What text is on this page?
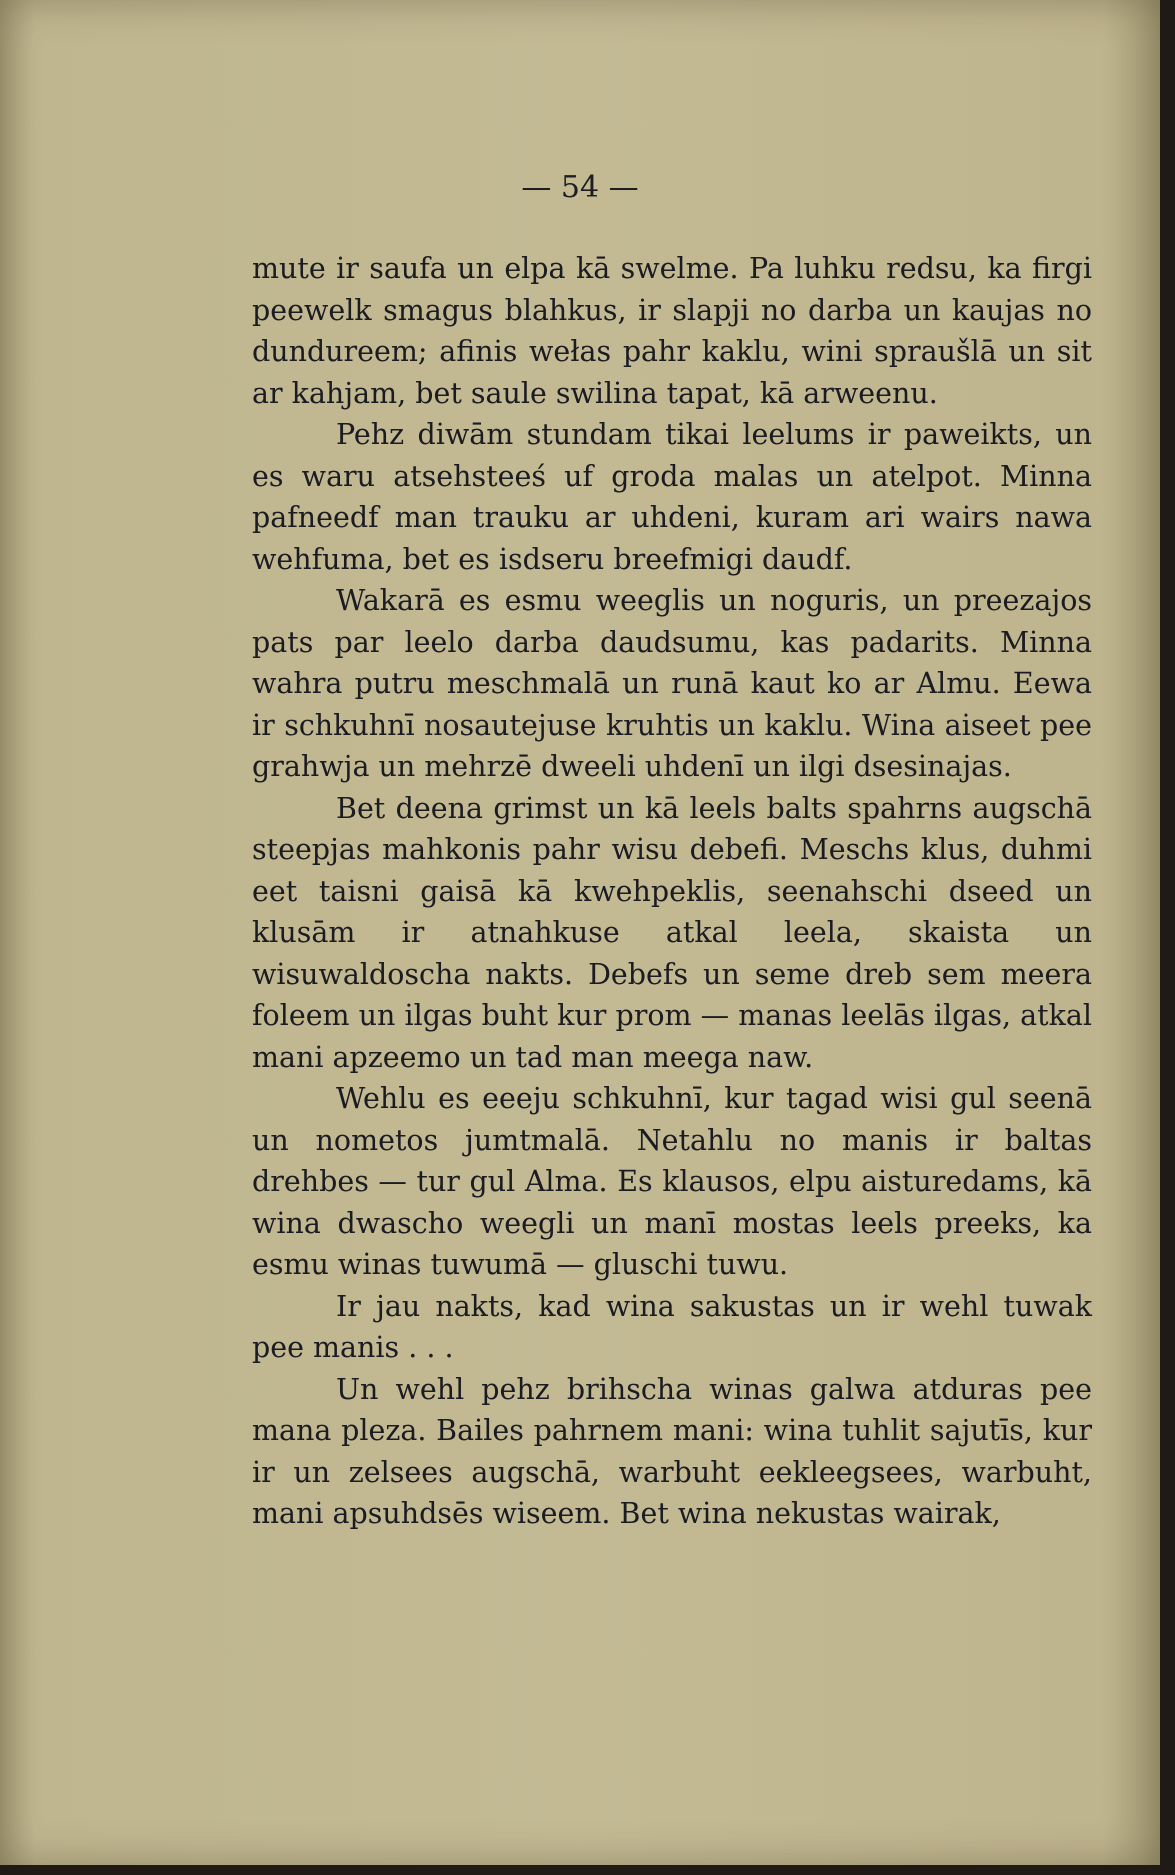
— 54 —

mute ir saufa un elpa kā swelme. Pa luhku redsu, ka firgi peewelk smagus blahkus, ir slapji no darba un kaujas no dundureem; afinis wełas pahr kaklu, wini spraušlā un sit ar kahjam, bet saule swilina tapat, kā arweenu.

Pehz diwām stundam tikai leelums ir paweikts, un es waru atsehsteeś uf groda malas un atelpot. Minna pafneedf man trauku ar uhdeni, kuram ari wairs nawa wehfuma, bet es isdseru breefmigi daudf.

Wakarā es esmu weeglis un noguris, un preezajos pats par leelo darba daudsumu, kas padarits. Minna wahra putru meschmalā un runā kaut ko ar Almu. Eewa ir schkuhnī nosautejuse kruhtis un kaklu. Wina aiseet pee grahwja un mehrzē dweeli uhdenī un ilgi dsesinajas.

Bet deena grimst un kā leels balts spahrns augschā steepjas mahkonis pahr wisu debefi. Meschs klus, duhmi eet taisni gaisā kā kwehpeklis, seenahschi dseed un klusām ir atnahkuse atkal leela, skaista un wisuwaldoscha nakts. Debefs un seme dreb sem meera foleem un ilgas buht kur prom — manas leelās ilgas, atkal mani apzeemo un tad man meega naw.

Wehlu es eeeju schkuhnī, kur tagad wisi gul seenā un nometos jumtmalā. Netahlu no manis ir baltas drehbes — tur gul Alma. Es klausos, elpu aisturedams, kā wina dwascho weegli un manī mostas leels preeks, ka esmu winas tuwumā — gluschi tuwu.

Ir jau nakts, kad wina sakustas un ir wehl tuwak pee manis . . .

Un wehl pehz brihscha winas galwa atduras pee mana pleza. Bailes pahrnem mani: wina tuhlit sajutīs, kur ir un zelsees augschā, warbuht eekleegsees, warbuht, mani apsuhdsēs wiseem. Bet wina nekustas wairak,
